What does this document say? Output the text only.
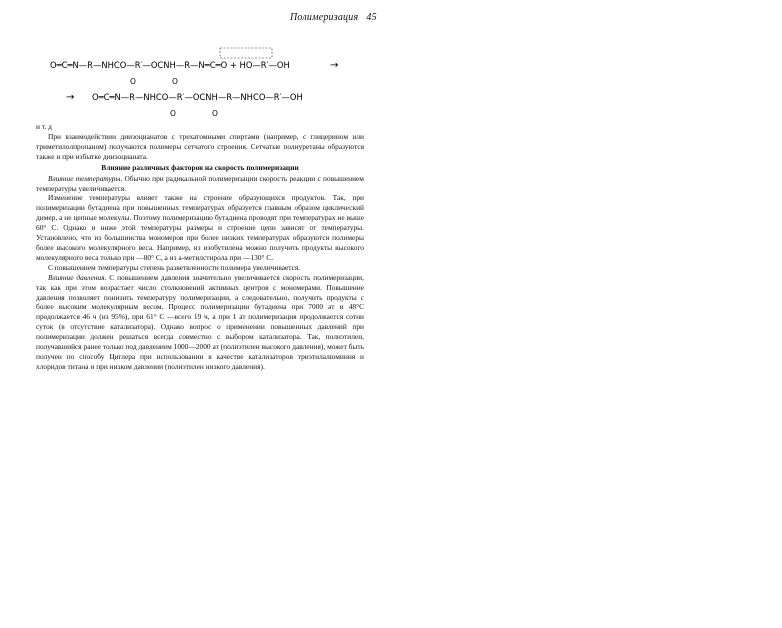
Полимеризация 45
O═C═N—R—NHCO—R′—OCNH—R—N═C═O + HO—R′—OH	→
O	O
→ O═C═N—R—NHCO—R′—OCNH—R—NHCO—R′—OH
O	O

и т. д

При взаимодействии диизоцианатов с трехатомными спиртами (например, с глицерином или триметилолпропаном) получаются полимеры сетчатого строения. Сетчатые полиуретаны образуются также и при избытке диизоцианата.

Влияние различных факторов на скорость полимеризации

Влияние температуры. Обычно при радикальной полимеризации скорость реакции с повышением температуры увеличивается.

Изменение температуры влияет также на строение образующихся продуктов. Так, при полимеризации бутадиена при повышенных температурах образуется главным образом циклический димер, а не цепные молекулы. Поэтому полимеризацию бутадиена проводят при температурах не выше 60° С. Однако и ниже этой температуры размеры и строение цепи зависят от температуры. Установлено, что из большинства мономеров при более низких температурах образуются полимеры более высокого молекулярного веса. Например, из изобутилена можно получить продукты высокого молекулярного веса только при —80° С, а из а-метилстирола при —130° С.

С повышением температуры степень разветвленности полимера увеличивается.

Влияние давления. С повышением давления значительно увеличивается скорость полимеризации, так как при этом возрастает число столкновений активных центров с мономерами. Повышение давления позволяет понизить температуру полимеризации, а следовательно, получить продукты с более высоким молекулярным весом. Процесс полимеризации бутадиена при 7000 ат и 48°С продолжается 46 ч (из 95%), при 61° С —всего 19 ч, а при 1 ат полимеризация продолжается сотни суток (в отсутствие катализатора). Однако вопрос о применении повышенных давлений при полимеризации должен решаться всегда совместно с выбором катализатора. Так, полиэтилен, получавшийся ранее только под давлением 1000—2000 ат (полиэтилен высокого давления), может быть получен по способу Циглера при использовании в качестве катализаторов триэтилалюминия и хлоридов титана и при низком давлении (полиэтилен низкого давления).
